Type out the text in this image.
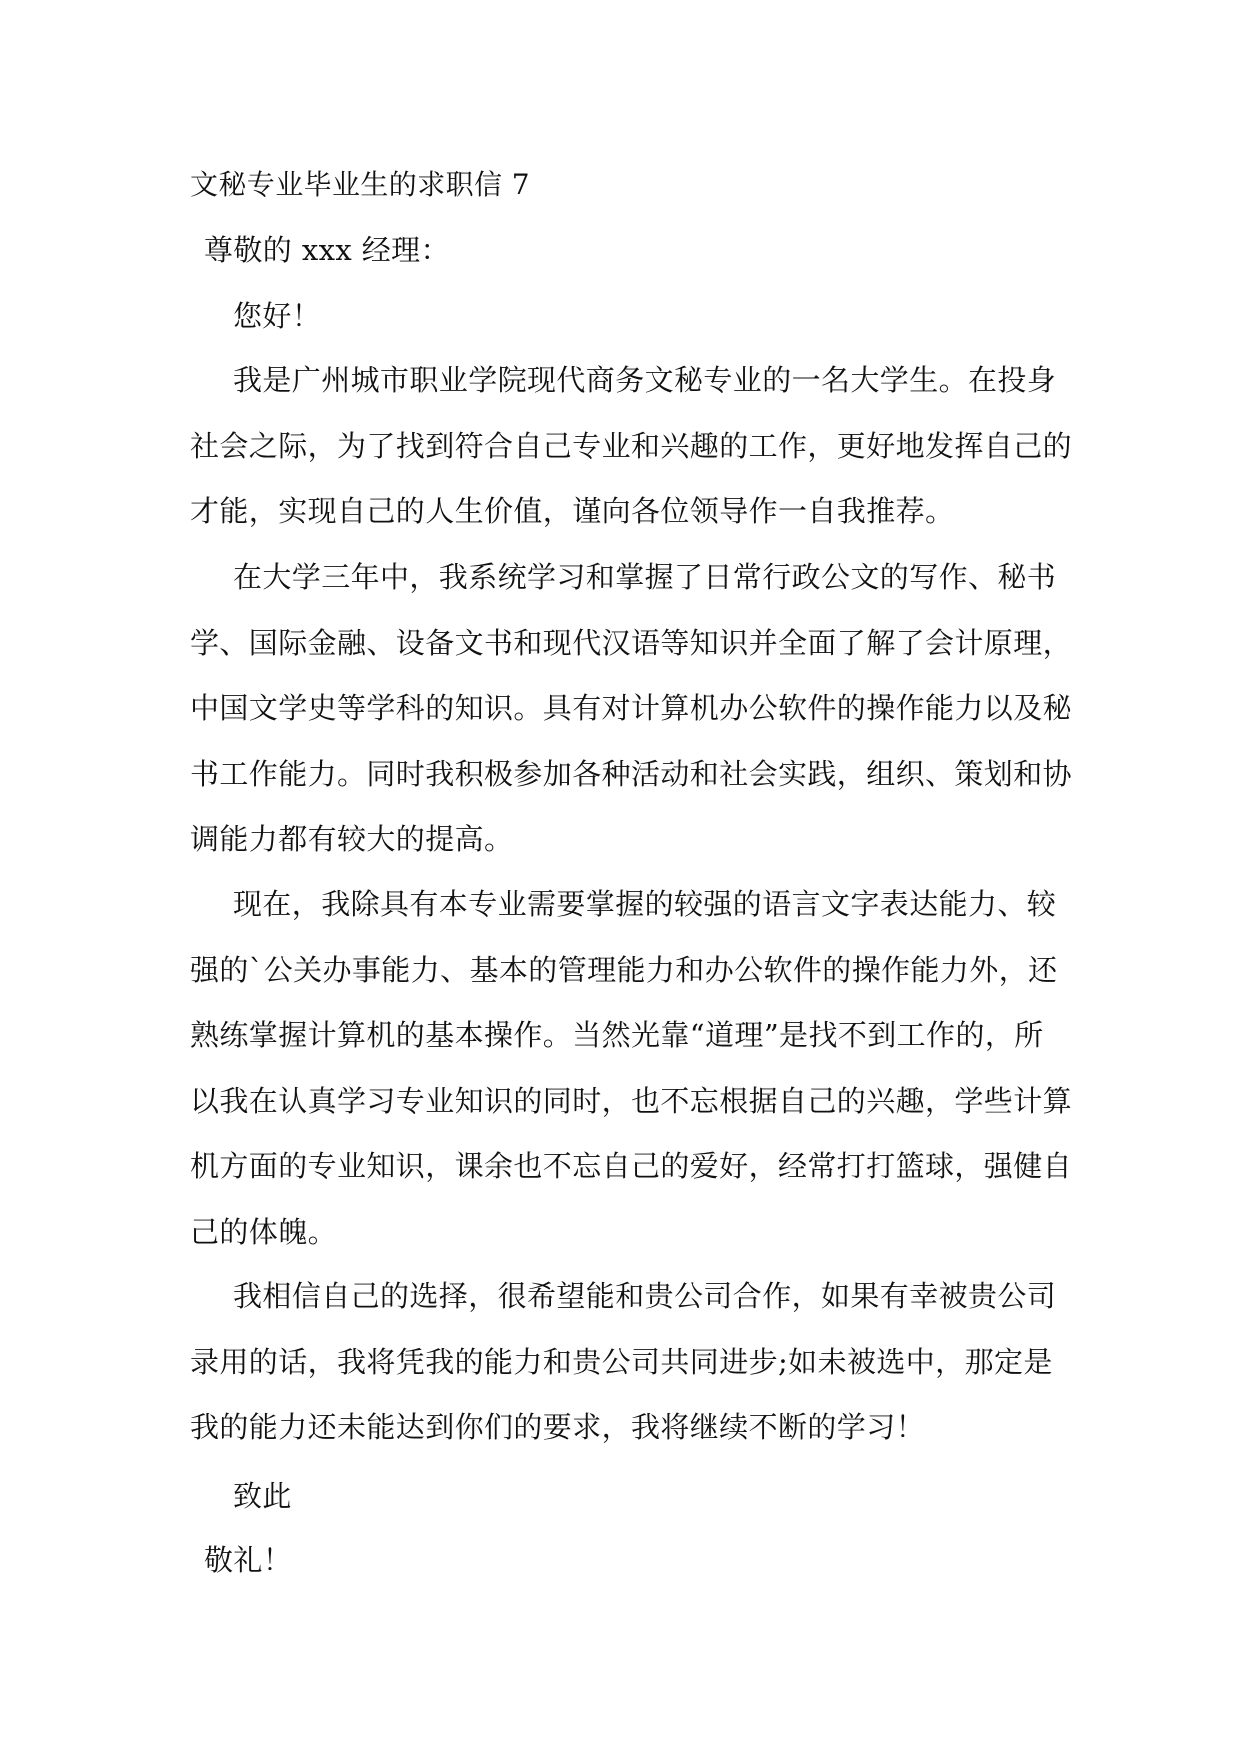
文秘专业毕业生的求职信 7
尊敬的 xxx 经理：
您好！
我是广州城市职业学院现代商务文秘专业的一名大学生。在投身
社会之际，为了找到符合自己专业和兴趣的工作，更好地发挥自己的
才能，实现自己的人生价值，谨向各位领导作一自我推荐。
在大学三年中，我系统学习和掌握了日常行政公文的写作、秘书
学、国际金融、设备文书和现代汉语等知识并全面了解了会计原理，
中国文学史等学科的知识。具有对计算机办公软件的操作能力以及秘
书工作能力。同时我积极参加各种活动和社会实践，组织、策划和协
调能力都有较大的提高。
现在，我除具有本专业需要掌握的较强的语言文字表达能力、较
强的`公关办事能力、基本的管理能力和办公软件的操作能力外，还
熟练掌握计算机的基本操作。当然光靠“道理”是找不到工作的，所
以我在认真学习专业知识的同时，也不忘根据自己的兴趣，学些计算
机方面的专业知识，课余也不忘自己的爱好，经常打打篮球，强健自
己的体魄。
我相信自己的选择，很希望能和贵公司合作，如果有幸被贵公司
录用的话，我将凭我的能力和贵公司共同进步;如未被选中，那定是
我的能力还未能达到你们的要求，我将继续不断的学习！
致此
敬礼！
